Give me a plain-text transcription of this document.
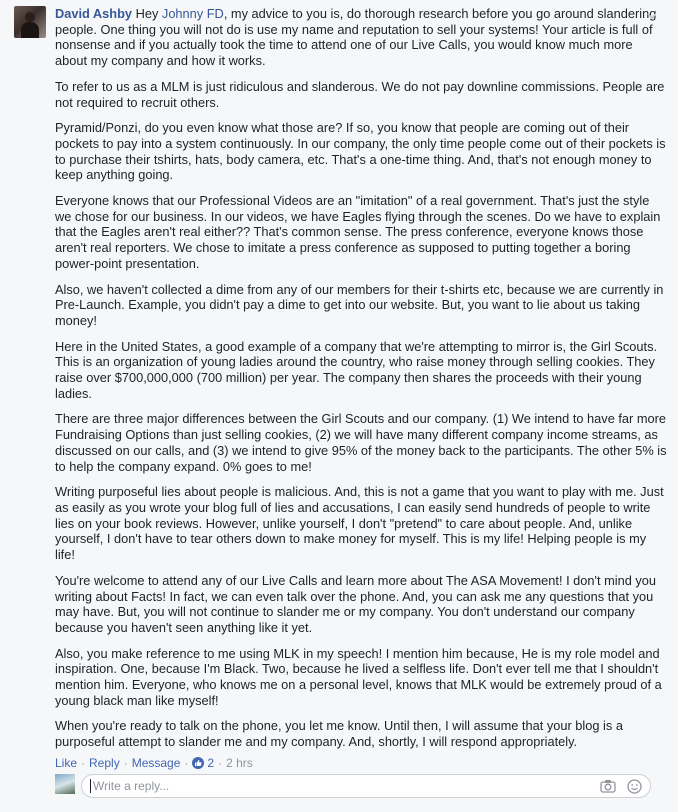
David Ashby Hey Johnny FD, my advice to you is, do thorough research before you go around slandering people. One thing you will not do is use my name and reputation to sell your systems! Your article is full of nonsense and if you actually took the time to attend one of our Live Calls, you would know much more about my company and how it works.

To refer to us as a MLM is just ridiculous and slanderous. We do not pay downline commissions. People are not required to recruit others.

Pyramid/Ponzi, do you even know what those are? If so, you know that people are coming out of their pockets to pay into a system continuously. In our company, the only time people come out of their pockets is to purchase their tshirts, hats, body camera, etc. That's a one-time thing. And, that's not enough money to keep anything going.

Everyone knows that our Professional Videos are an "imitation" of a real government. That's just the style we chose for our business. In our videos, we have Eagles flying through the scenes. Do we have to explain that the Eagles aren't real either?? That's common sense. The press conference, everyone knows those aren't real reporters. We chose to imitate a press conference as supposed to putting together a boring power-point presentation.

Also, we haven't collected a dime from any of our members for their t-shirts etc, because we are currently in Pre-Launch. Example, you didn't pay a dime to get into our website. But, you want to lie about us taking money!

Here in the United States, a good example of a company that we're attempting to mirror is, the Girl Scouts. This is an organization of young ladies around the country, who raise money through selling cookies. They raise over $700,000,000 (700 million) per year. The company then shares the proceeds with their young ladies.

There are three major differences between the Girl Scouts and our company. (1) We intend to have far more Fundraising Options than just selling cookies, (2) we will have many different company income streams, as discussed on our calls, and (3) we intend to give 95% of the money back to the participants. The other 5% is to help the company expand. 0% goes to me!

Writing purposeful lies about people is malicious. And, this is not a game that you want to play with me. Just as easily as you wrote your blog full of lies and accusations, I can easily send hundreds of people to write lies on your book reviews. However, unlike yourself, I don't "pretend" to care about people. And, unlike yourself, I don't have to tear others down to make money for myself. This is my life! Helping people is my life!

You're welcome to attend any of our Live Calls and learn more about The ASA Movement! I don't mind you writing about Facts! In fact, we can even talk over the phone. And, you can ask me any questions that you may have. But, you will not continue to slander me or my company. You don't understand our company because you haven't seen anything like it yet.

Also, you make reference to me using MLK in my speech! I mention him because, He is my role model and inspiration. One, because I'm Black. Two, because he lived a selfless life. Don't ever tell me that I shouldn't mention him. Everyone, who knows me on a personal level, knows that MLK would be extremely proud of a young black man like myself!

When you're ready to talk on the phone, you let me know. Until then, I will assume that your blog is a purposeful attempt to slander me and my company. And, shortly, I will respond appropriately.

Like · Reply · Message · 2 · 2 hrs
Write a reply...
